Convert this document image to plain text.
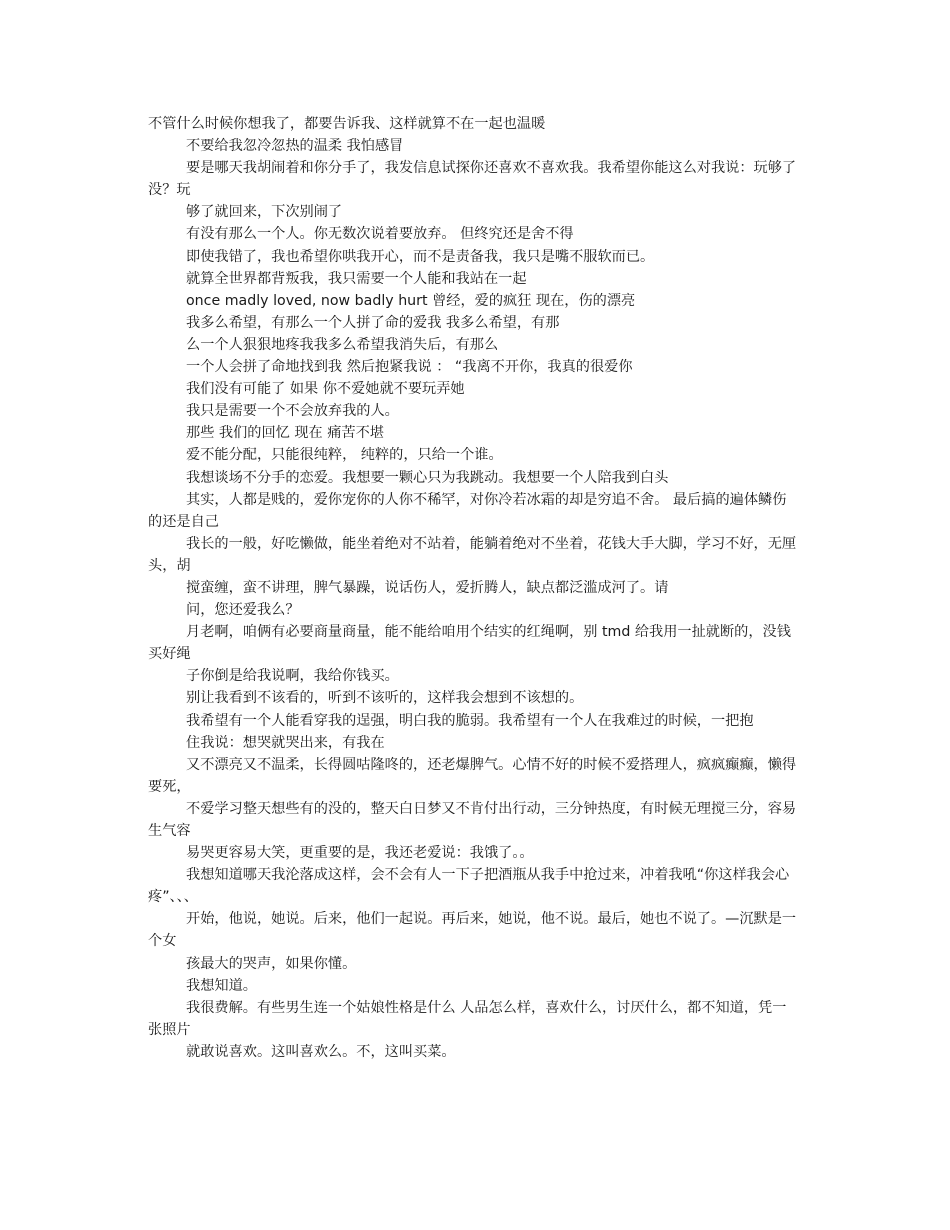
不管什么时候你想我了，都要告诉我、这样就算不在一起也温暖

不要给我忽冷忽热的温柔 我怕感冒

要是哪天我胡闹着和你分手了，我发信息试探你还喜欢不喜欢我。我希望你能这么对我说：玩够了没？玩

够了就回来，下次别闹了

有没有那么一个人。你无数次说着要放弃。 但终究还是舍不得

即使我错了，我也希望你哄我开心，而不是责备我，我只是嘴不服软而已。

就算全世界都背叛我，我只需要一个人能和我站在一起

once madly loved, now badly hurt 曾经，爱的疯狂 现在，伤的漂亮

我多么希望，有那么一个人拼了命的爱我 我多么希望，有那

么一个人狠狠地疼我我多么希望我消失后，有那么

一个人会拼了命地找到我 然后抱紧我说 ： “我离不开你，我真的很爱你

我们没有可能了 如果 你不爱她就不要玩弄她

我只是需要一个不会放弃我的人。

那些 我们的回忆 现在 痛苦不堪

爱不能分配，只能很纯粹， 纯粹的，只给一个谁。

我想谈场不分手的恋爱。我想要一颗心只为我跳动。我想要一个人陪我到白头

其实，人都是贱的，爱你宠你的人你不稀罕，对你冷若冰霜的却是穷追不舍。 最后搞的遍体鳞伤的还是自己

我长的一般，好吃懒做，能坐着绝对不站着，能躺着绝对不坐着，花钱大手大脚，学习不好，无厘头，胡

搅蛮缠，蛮不讲理，脾气暴躁，说话伤人，爱折腾人，缺点都泛滥成河了。请

问，您还爱我么？

月老啊，咱俩有必要商量商量，能不能给咱用个结实的红绳啊，别 tmd 给我用一扯就断的，没钱买好绳

子你倒是给我说啊，我给你钱买。

别让我看到不该看的，听到不该听的，这样我会想到不该想的。

我希望有一个人能看穿我的逞强，明白我的脆弱。我希望有一个人在我难过的时候，一把抱

住我说：想哭就哭出来，有我在

又不漂亮又不温柔，长得圆咕隆咚的，还老爆脾气。心情不好的时候不爱搭理人，疯疯癫癫，懒得要死，

不爱学习整天想些有的没的，整天白日梦又不肯付出行动，三分钟热度，有时候无理搅三分，容易生气容

易哭更容易大笑，更重要的是，我还老爱说：我饿了。。

我想知道哪天我沦落成这样，会不会有人一下子把酒瓶从我手中抢过来，冲着我吼“你这样我会心疼”、、、

开始，他说，她说。后来，他们一起说。再后来，她说，他不说。最后，她也不说了。—沉默是一个女

孩最大的哭声，如果你懂。

我想知道。

我很费解。有些男生连一个姑娘性格是什么 人品怎么样，喜欢什么，讨厌什么，都不知道，凭一张照片

就敢说喜欢。这叫喜欢么。不，这叫买菜。
